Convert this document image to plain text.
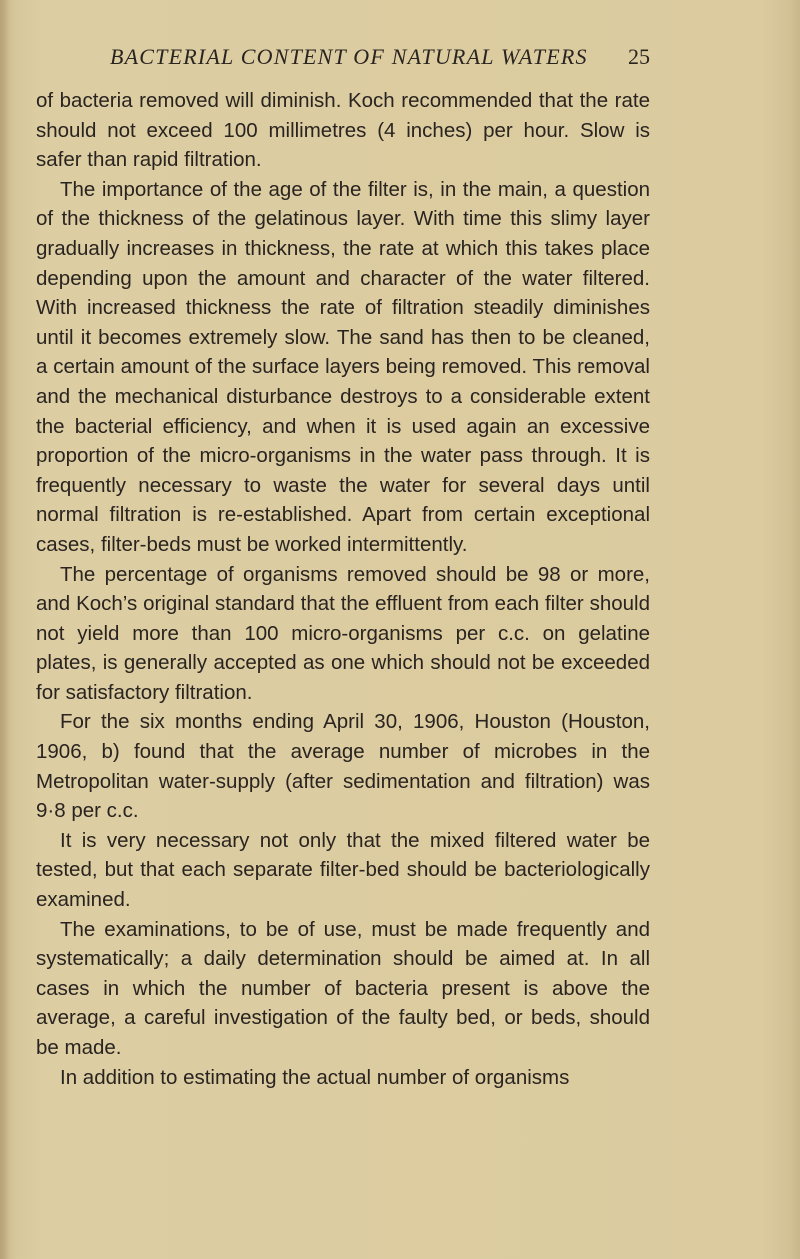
BACTERIAL CONTENT OF NATURAL WATERS 25

of bacteria removed will diminish. Koch recommended that the rate should not exceed 100 millimetres (4 inches) per hour. Slow is safer than rapid filtration.

The importance of the age of the filter is, in the main, a question of the thickness of the gelatinous layer. With time this slimy layer gradually increases in thickness, the rate at which this takes place depending upon the amount and character of the water filtered. With increased thickness the rate of filtration steadily diminishes until it becomes extremely slow. The sand has then to be cleaned, a certain amount of the surface layers being removed. This removal and the mechanical disturbance destroys to a considerable extent the bacterial efficiency, and when it is used again an excessive proportion of the micro-organisms in the water pass through. It is frequently necessary to waste the water for several days until normal filtration is re-established. Apart from certain exceptional cases, filter-beds must be worked intermittently.

The percentage of organisms removed should be 98 or more, and Koch’s original standard that the effluent from each filter should not yield more than 100 micro-organisms per c.c. on gelatine plates, is generally accepted as one which should not be exceeded for satisfactory filtration.

For the six months ending April 30, 1906, Houston (Houston, 1906, b) found that the average number of microbes in the Metropolitan water-supply (after sedimentation and filtration) was 9·8 per c.c.

It is very necessary not only that the mixed filtered water be tested, but that each separate filter-bed should be bacteriologically examined.

The examinations, to be of use, must be made frequently and systematically; a daily determination should be aimed at. In all cases in which the number of bacteria present is above the average, a careful investigation of the faulty bed, or beds, should be made.

In addition to estimating the actual number of organisms
